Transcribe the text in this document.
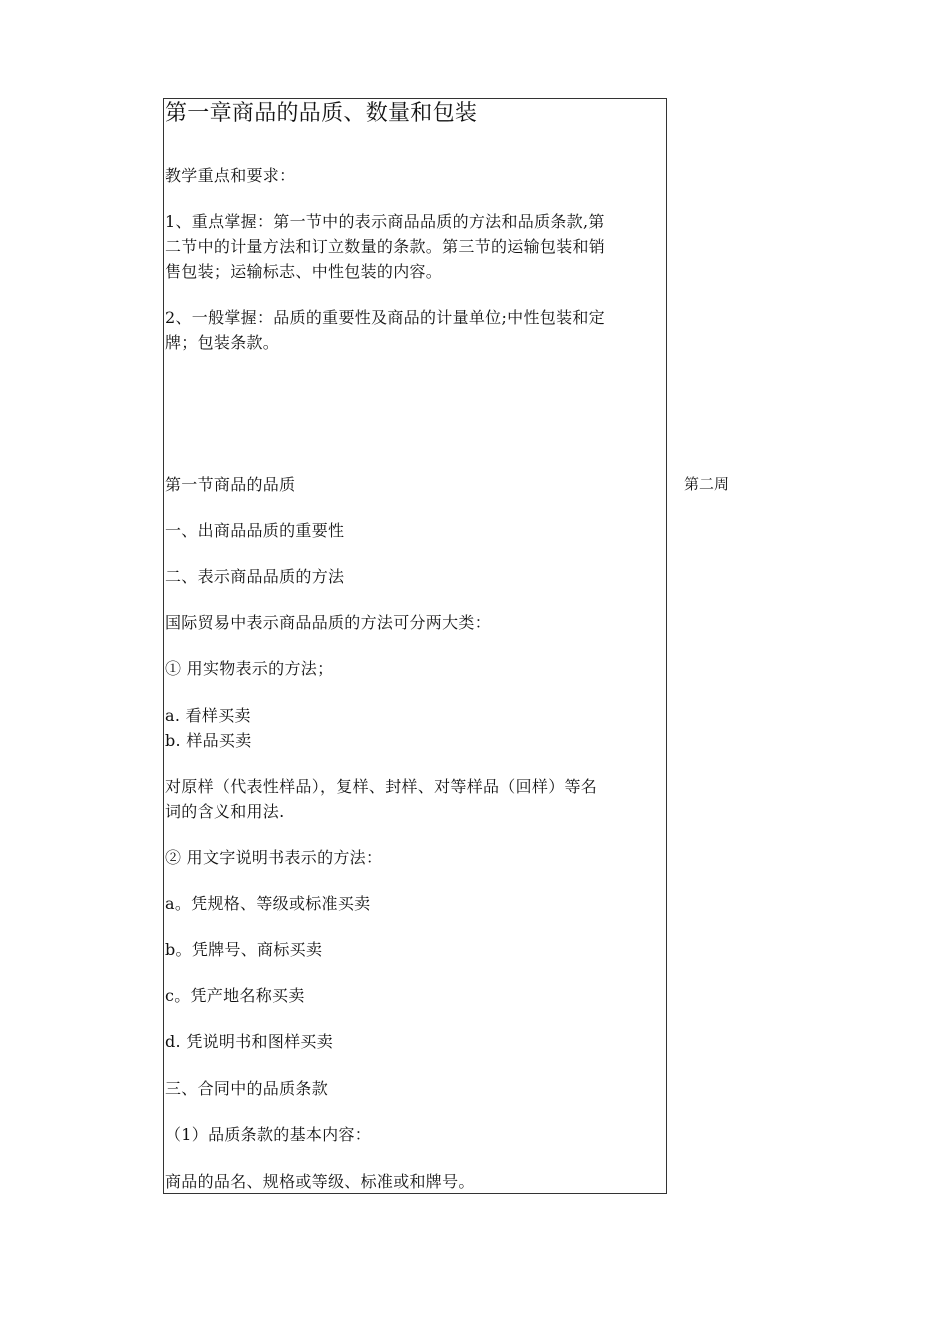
第一章商品的品质、数量和包装
教学重点和要求：
1、重点掌握：第一节中的表示商品品质的方法和品质条款,第
二节中的计量方法和订立数量的条款。第三节的运输包装和销
售包装；运输标志、中性包装的内容。
2、一般掌握：品质的重要性及商品的计量单位;中性包装和定
牌；包装条款。
第一节商品的品质
一、出商品品质的重要性
二、表示商品品质的方法
国际贸易中表示商品品质的方法可分两大类：
① 用实物表示的方法；
a. 看样买卖
b. 样品买卖
对原样（代表性样品），复样、封样、对等样品（回样）等名
词的含义和用法.
② 用文字说明书表示的方法：
a。凭规格、等级或标准买卖
b。凭牌号、商标买卖
c。凭产地名称买卖
d. 凭说明书和图样买卖
三、合同中的品质条款
（1）品质条款的基本内容：
商品的品名、规格或等级、标准或和牌号。
第二周
